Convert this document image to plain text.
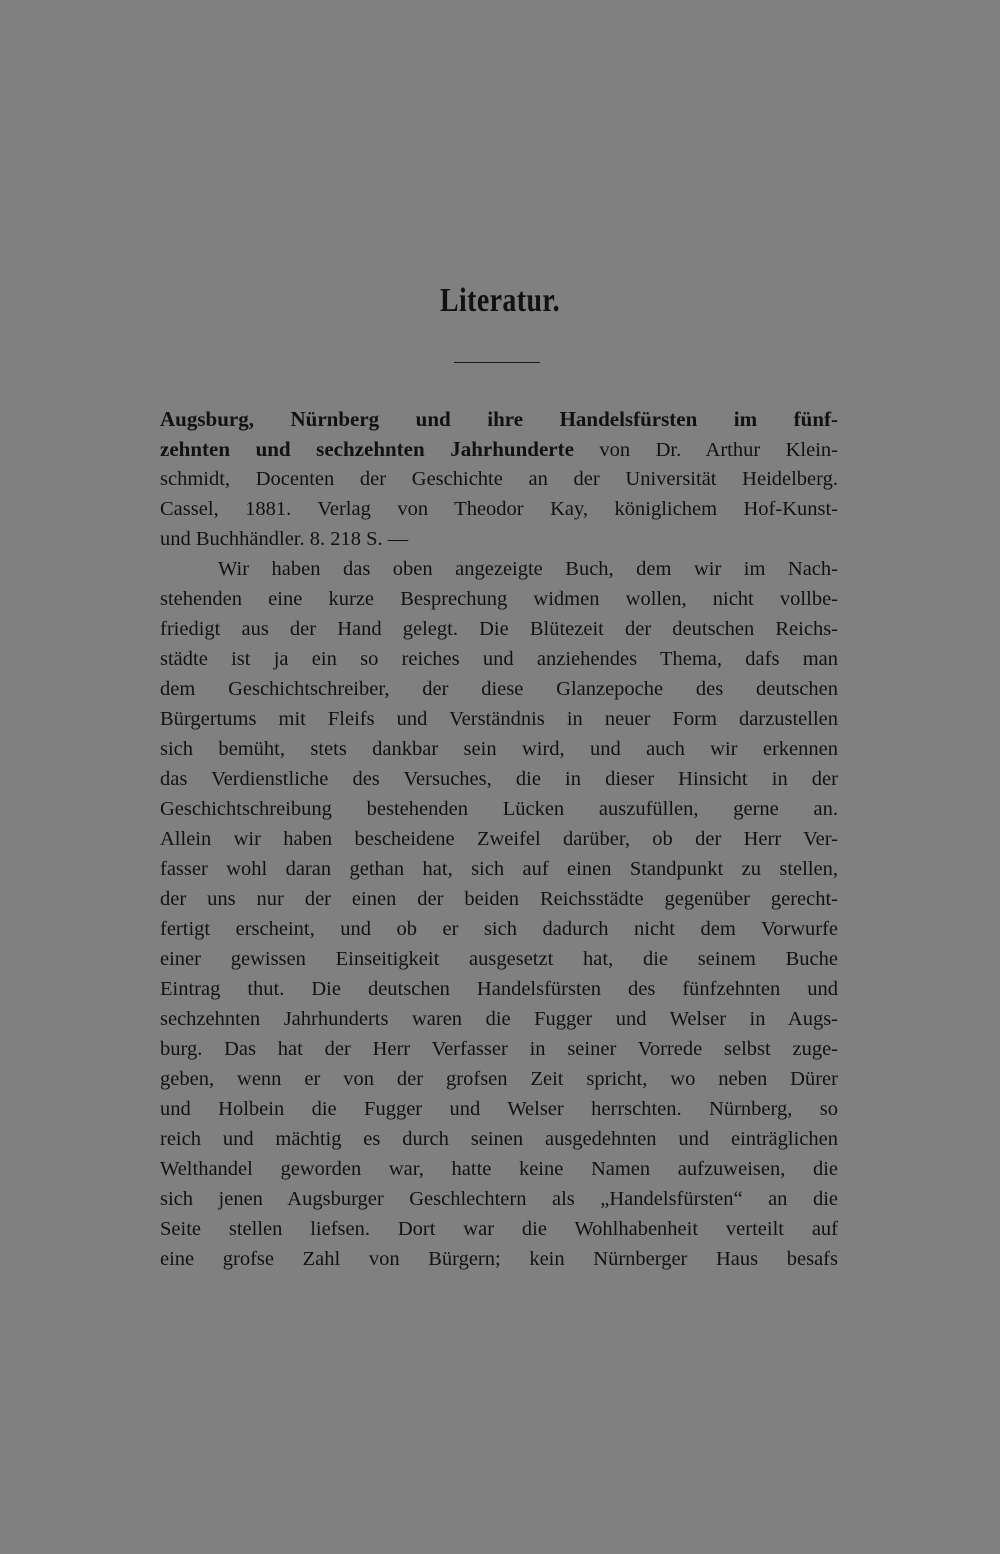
Literatur.
Augsburg, Nürnberg und ihre Handelsfürsten im fünf-
zehnten und sechzehnten Jahrhunderte von Dr. Arthur Klein-
schmidt, Docenten der Geschichte an der Universität Heidelberg.
Cassel, 1881. Verlag von Theodor Kay, königlichem Hof-Kunst-
und Buchhändler. 8. 218 S. —
Wir haben das oben angezeigte Buch, dem wir im Nach-
stehenden eine kurze Besprechung widmen wollen, nicht vollbe-
friedigt aus der Hand gelegt. Die Blütezeit der deutschen Reichs-
städte ist ja ein so reiches und anziehendes Thema, dafs man
dem Geschichtschreiber, der diese Glanzepoche des deutschen
Bürgertums mit Fleifs und Verständnis in neuer Form darzustellen
sich bemüht, stets dankbar sein wird, und auch wir erkennen
das Verdienstliche des Versuches, die in dieser Hinsicht in der
Geschichtschreibung bestehenden Lücken auszufüllen, gerne an.
Allein wir haben bescheidene Zweifel darüber, ob der Herr Ver-
fasser wohl daran gethan hat, sich auf einen Standpunkt zu stellen,
der uns nur der einen der beiden Reichsstädte gegenüber gerecht-
fertigt erscheint, und ob er sich dadurch nicht dem Vorwurfe
einer gewissen Einseitigkeit ausgesetzt hat, die seinem Buche
Eintrag thut. Die deutschen Handelsfürsten des fünfzehnten und
sechzehnten Jahrhunderts waren die Fugger und Welser in Augs-
burg. Das hat der Herr Verfasser in seiner Vorrede selbst zuge-
geben, wenn er von der grofsen Zeit spricht, wo neben Dürer
und Holbein die Fugger und Welser herrschten. Nürnberg, so
reich und mächtig es durch seinen ausgedehnten und einträglichen
Welthandel geworden war, hatte keine Namen aufzuweisen, die
sich jenen Augsburger Geschlechtern als „Handelsfürsten“ an die
Seite stellen liefsen. Dort war die Wohlhabenheit verteilt auf
eine grofse Zahl von Bürgern; kein Nürnberger Haus besafs
